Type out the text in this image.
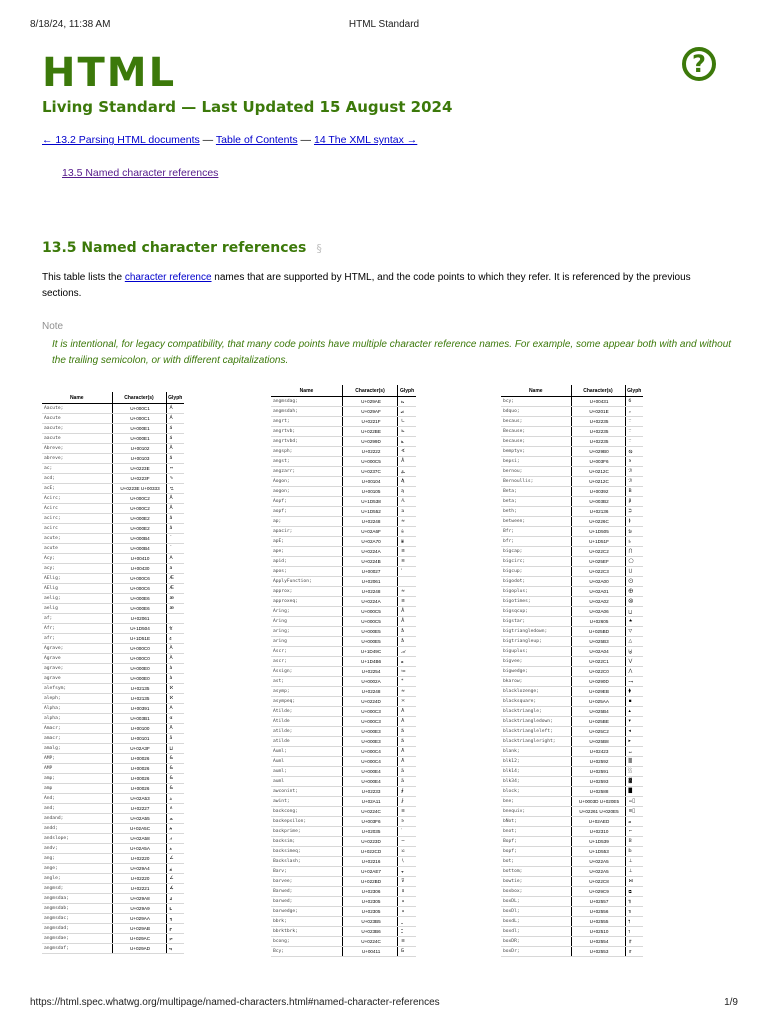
8/18/24, 11:38 AM	HTML Standard
HTML	?
Living Standard — Last Updated 15 August 2024
← 13.2 Parsing HTML documents — Table of Contents — 14 The XML syntax →
13.5 Named character references
13.5 Named character references §
This table lists the character reference names that are supported by HTML, and the code points to which they refer. It is referenced by the previous sections.
Note
It is intentional, for legacy compatibility, that many code points have multiple character reference names. For example, some appear both with and without the trailing semicolon, or with different capitalizations.
Name	Character(s)	Glyph
Aacute;	U+000C1	Á
Aacute	U+000C1	Á
aacute;	U+000E1	á
aacute	U+000E1	á
Abreve;	U+00102	Ă
abreve;	U+00103	ă
ac;	U+0223E	∾
acd;	U+0223F	∿
acE;	U+0223E U+00333	∾̳
Acirc;	U+000C2	Â
Acirc	U+000C2	Â
acirc;	U+000E2	â
acirc	U+000E2	â
acute;	U+000B4	´
acute	U+000B4	´
Acy;	U+00410	А
acy;	U+00430	а
AElig;	U+000C6	Æ
AElig	U+000C6	Æ
aelig;	U+000E6	æ
aelig	U+000E6	æ
af;	U+02061	
Afr;	U+1D504	𝔄
afr;	U+1D51E	𝔞
Agrave;	U+000C0	À
Agrave	U+000C0	À
agrave;	U+000E0	à
agrave	U+000E0	à
alefsym;	U+02135	ℵ
aleph;	U+02135	ℵ
Alpha;	U+00391	Α
alpha;	U+003B1	α
Amacr;	U+00100	Ā
amacr;	U+00101	ā
amalg;	U+02A3F	⨿
AMP;	U+00026	&
AMP	U+00026	&
amp;	U+00026	&
amp	U+00026	&
And;	U+02A53	⩓
and;	U+02227	∧
andand;	U+02A55	⩕
andd;	U+02A5C	⩜
andslope;	U+02A58	⩘
andv;	U+02A5A	⩚
ang;	U+02220	∠
ange;	U+029A4	⦤
angle;	U+02220	∠
angmsd;	U+02221	∡
angmsdaa;	U+029A8	⦨
angmsdab;	U+029A9	⦩
angmsdac;	U+029AA	⦪
angmsdad;	U+029AB	⦫
angmsdae;	U+029AC	⦬
angmsdaf;	U+029AD	⦭
Name	Character(s)	Glyph
angmsdag;	U+029AE	⦮
angmsdah;	U+029AF	⦯
angrt;	U+0221F	∟
angrtvb;	U+022BE	⊾
angrtvbd;	U+0299D	⦝
angsph;	U+02222	∢
angst;	U+000C5	Å
angzarr;	U+0237C	⍼
Aogon;	U+00104	Ą
aogon;	U+00105	ą
Aopf;	U+1D538	𝔸
aopf;	U+1D552	𝕒
ap;	U+02248	≈
apacir;	U+02A6F	⩯
apE;	U+02A70	⩰
ape;	U+0224A	≊
apid;	U+0224B	≋
apos;	U+00027	'
ApplyFunction;	U+02061	
approx;	U+02248	≈
approxeq;	U+0224A	≊
Aring;	U+000C5	Å
Aring	U+000C5	Å
aring;	U+000E5	å
aring	U+000E5	å
Ascr;	U+1D49C	𝒜
ascr;	U+1D4B6	𝒶
Assign;	U+02254	≔
ast;	U+0002A	*
asymp;	U+02248	≈
asympeq;	U+0224D	≍
Atilde;	U+000C3	Ã
Atilde	U+000C3	Ã
atilde;	U+000E3	ã
atilde	U+000E3	ã
Auml;	U+000C4	Ä
Auml	U+000C4	Ä
auml;	U+000E4	ä
auml	U+000E4	ä
awconint;	U+02233	∳
awint;	U+02A11	⨑
backcong;	U+0224C	≌
backepsilon;	U+003F6	϶
backprime;	U+02035	‵
backsim;	U+0223D	∽
backsimeq;	U+022CD	⋍
Backslash;	U+02216	∖
Barv;	U+02AE7	⫧
barvee;	U+022BD	⊽
Barwed;	U+02306	⌆
barwed;	U+02305	⌅
barwedge;	U+02305	⌅
bbrk;	U+023B5	⎵
bbrktbrk;	U+023B6	⎶
bcong;	U+0224C	≌
Bcy;	U+00411	Б
Name	Character(s)	Glyph
bcy;	U+00431	б
bdquo;	U+0201E	„
becaus;	U+02235	∵
Because;	U+02235	∵
because;	U+02235	∵
bemptyv;	U+029B0	⦰
bepsi;	U+003F6	϶
bernou;	U+0212C	ℬ
Bernoullis;	U+0212C	ℬ
Beta;	U+00392	Β
beta;	U+003B2	β
beth;	U+02136	ℶ
between;	U+0226C	≬
Bfr;	U+1D505	𝔅
bfr;	U+1D51F	𝔟
bigcap;	U+022C2	⋂
bigcirc;	U+025EF	◯
bigcup;	U+022C3	⋃
bigodot;	U+02A00	⨀
bigoplus;	U+02A01	⨁
bigotimes;	U+02A02	⨂
bigsqcup;	U+02A06	⨆
bigstar;	U+02605	★
bigtriangledown;	U+025BD	▽
bigtriangleup;	U+025B3	△
biguplus;	U+02A04	⨄
bigvee;	U+022C1	⋁
bigwedge;	U+022C0	⋀
bkarow;	U+0290D	⤍
blacklozenge;	U+029EB	⧫
blacksquare;	U+025AA	▪
blacktriangle;	U+025B4	▴
blacktriangledown;	U+025BE	▾
blacktriangleleft;	U+025C2	◂
blacktriangleright;	U+025B8	▸
blank;	U+02423	␣
blk12;	U+02592	▒
blk14;	U+02591	░
blk34;	U+02593	▓
block;	U+02588	█
bne;	U+0003D U+020E5	=⃥
bnequiv;	U+02261 U+020E5	≡⃥
bNot;	U+02AED	⫭
bnot;	U+02310	⌐
Bopf;	U+1D539	𝔹
bopf;	U+1D553	𝕓
bot;	U+022A5	⊥
bottom;	U+022A5	⊥
bowtie;	U+022C8	⋈
boxbox;	U+029C9	⧉
boxDL;	U+02557	╗
boxDl;	U+02556	╖
boxdL;	U+02555	╕
boxdl;	U+02510	┐
boxDR;	U+02554	╔
boxDr;	U+02553	╓
https://html.spec.whatwg.org/multipage/named-characters.html#named-character-references	1/9
